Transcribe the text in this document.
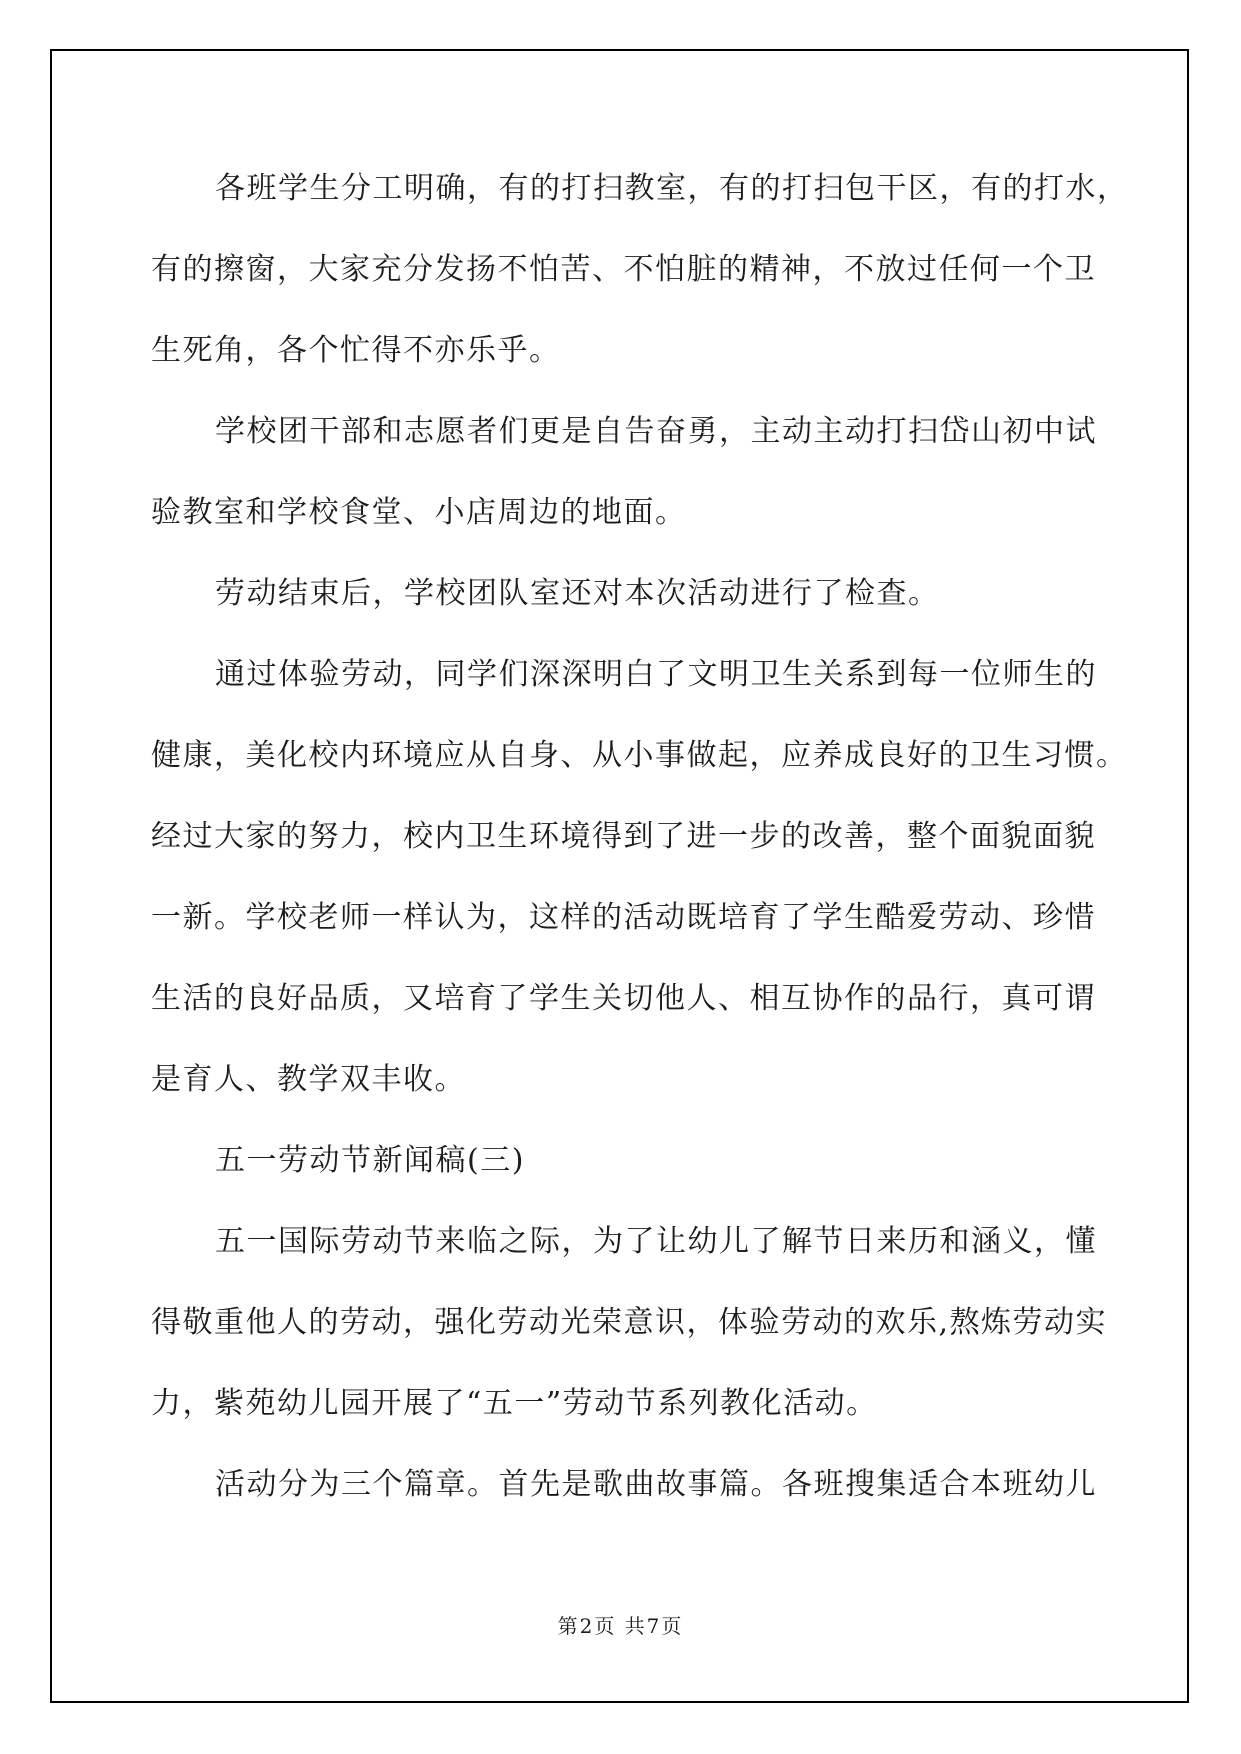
各班学生分工明确，有的打扫教室，有的打扫包干区，有的打水，
有的擦窗，大家充分发扬不怕苦、不怕脏的精神，不放过任何一个卫
生死角，各个忙得不亦乐乎。
学校团干部和志愿者们更是自告奋勇，主动主动打扫岱山初中试
验教室和学校食堂、小店周边的地面。
劳动结束后，学校团队室还对本次活动进行了检查。
通过体验劳动，同学们深深明白了文明卫生关系到每一位师生的
健康，美化校内环境应从自身、从小事做起，应养成良好的卫生习惯。
经过大家的努力，校内卫生环境得到了进一步的改善，整个面貌面貌
一新。学校老师一样认为，这样的活动既培育了学生酷爱劳动、珍惜
生活的良好品质，又培育了学生关切他人、相互协作的品行，真可谓
是育人、教学双丰收。
五一劳动节新闻稿(三)
五一国际劳动节来临之际，为了让幼儿了解节日来历和涵义，懂
得敬重他人的劳动，强化劳动光荣意识，体验劳动的欢乐,熬炼劳动实
力，紫苑幼儿园开展了“五一”劳动节系列教化活动。
活动分为三个篇章。首先是歌曲故事篇。各班搜集适合本班幼儿
第2页 共7页
